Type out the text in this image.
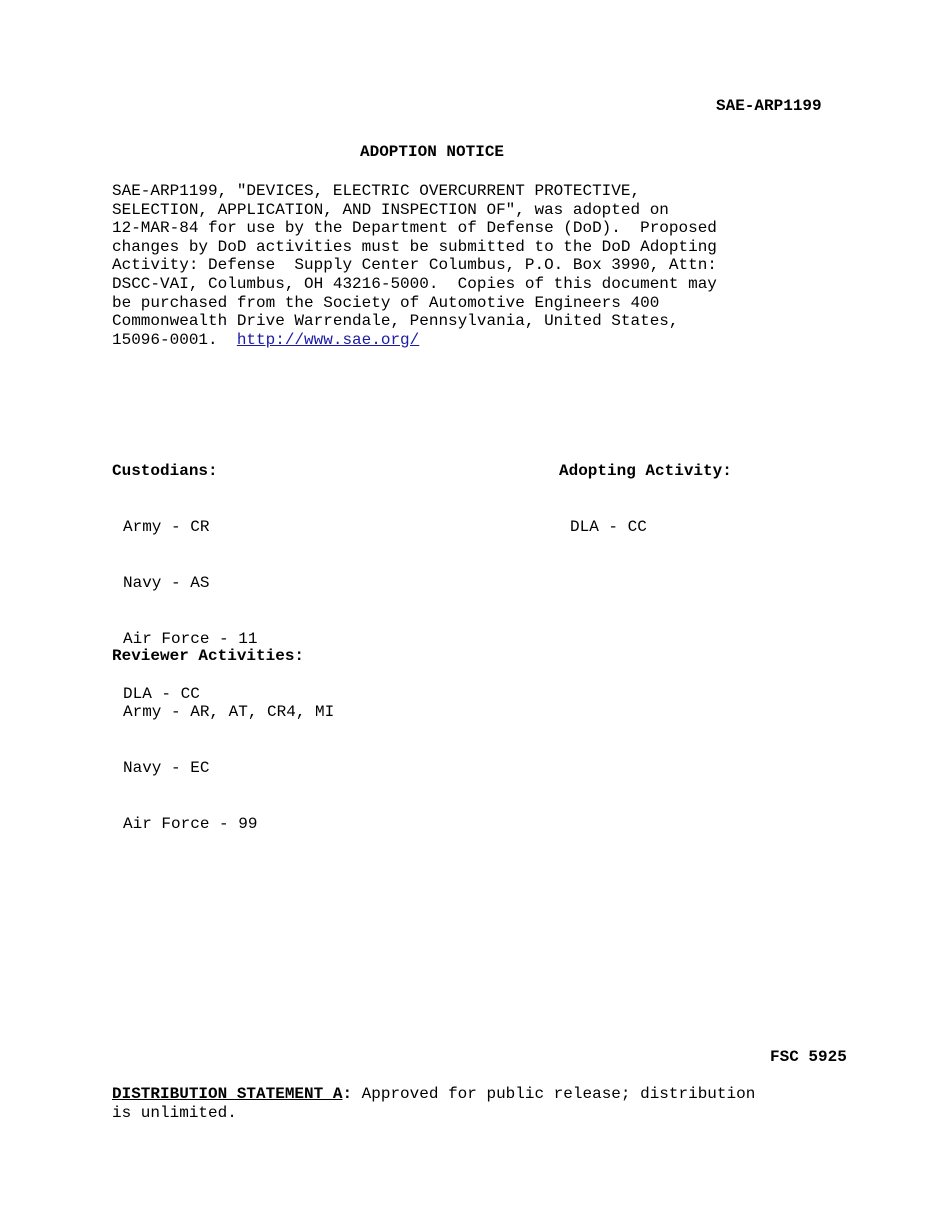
SAE-ARP1199
ADOPTION NOTICE
SAE-ARP1199, "DEVICES, ELECTRIC OVERCURRENT PROTECTIVE,
SELECTION, APPLICATION, AND INSPECTION OF", was adopted on
12-MAR-84 for use by the Department of Defense (DoD).  Proposed
changes by DoD activities must be submitted to the DoD Adopting
Activity: Defense  Supply Center Columbus, P.O. Box 3990, Attn:
DSCC-VAI, Columbus, OH 43216-5000.  Copies of this document may
be purchased from the Society of Automotive Engineers 400
Commonwealth Drive Warrendale, Pennsylvania, United States,
15096-0001.  http://www.sae.org/

Custodians:

Army - CR

Navy - AS

Air Force - 11

DLA - CC

Adopting Activity:

DLA - CC

Reviewer Activities:

Army - AR, AT, CR4, MI

Navy - EC

Air Force - 99

FSC 5925
DISTRIBUTION STATEMENT A: Approved for public release; distribution
is unlimited.
